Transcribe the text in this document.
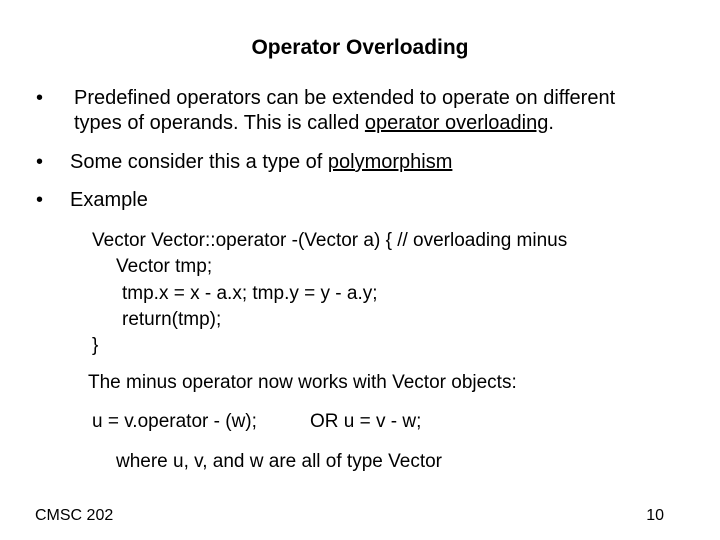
Operator Overloading
• Predefined operators can be extended to operate on different
types of operands. This is called operator overloading.
• Some consider this a type of polymorphism
• Example
Vector Vector::operator -(Vector a) { // overloading minus
Vector tmp;
tmp.x = x - a.x; tmp.y = y - a.y;
return(tmp);
}
The minus operator now works with Vector objects:
u = v.operator - (w);	OR u = v - w;
where u, v, and w are all of type Vector
CMSC 202	10
